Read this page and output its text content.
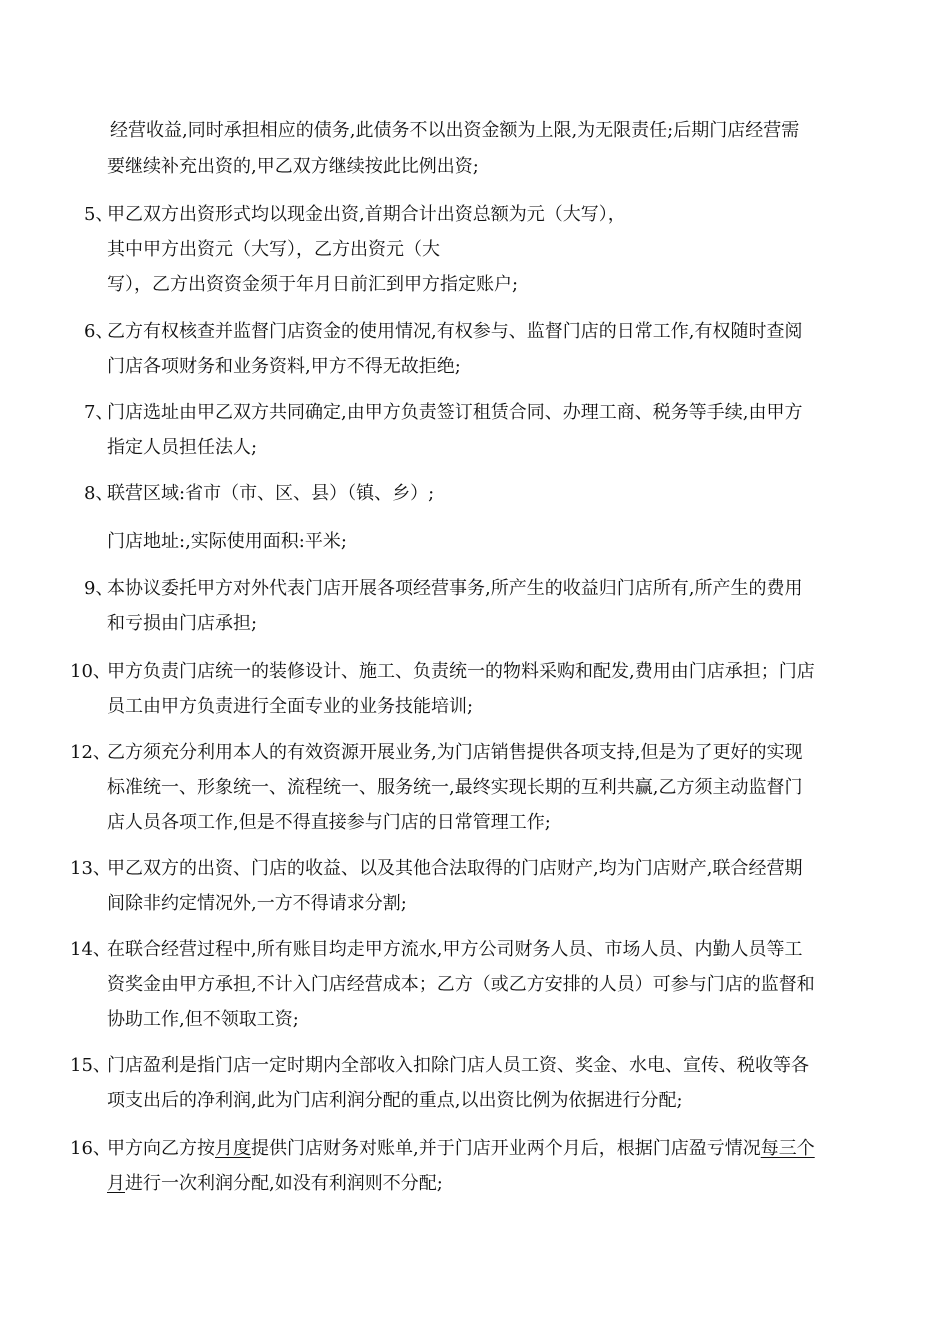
经营收益,同时承担相应的债务,此债务不以出资金额为上限,为无限责任;后期门店经营需
要继续补充出资的,甲乙双方继续按此比例出资;
5、
甲乙双方出资形式均以现金出资,首期合计出资总额为元（大写），
其中甲方出资元（大写），乙方出资元（大
写），乙方出资资金须于年月日前汇到甲方指定账户;
6、
乙方有权核查并监督门店资金的使用情况,有权参与、监督门店的日常工作,有权随时查阅
门店各项财务和业务资料,甲方不得无故拒绝;
7、
门店选址由甲乙双方共同确定,由甲方负责签订租赁合同、办理工商、税务等手续,由甲方
指定人员担任法人;
8、
联营区域:省市（市、区、县）（镇、乡）;
门店地址:,实际使用面积:平米;
9、
本协议委托甲方对外代表门店开展各项经营事务,所产生的收益归门店所有,所产生的费用
和亏损由门店承担;
10、
甲方负责门店统一的装修设计、施工、负责统一的物料采购和配发,费用由门店承担；门店
员工由甲方负责进行全面专业的业务技能培训;
12、
乙方须充分利用本人的有效资源开展业务,为门店销售提供各项支持,但是为了更好的实现
标准统一、形象统一、流程统一、服务统一,最终实现长期的互利共赢,乙方须主动监督门
店人员各项工作,但是不得直接参与门店的日常管理工作;
13、
甲乙双方的出资、门店的收益、以及其他合法取得的门店财产,均为门店财产,联合经营期
间除非约定情况外,一方不得请求分割;
14、
在联合经营过程中,所有账目均走甲方流水,甲方公司财务人员、市场人员、内勤人员等工
资奖金由甲方承担,不计入门店经营成本；乙方（或乙方安排的人员）可参与门店的监督和
协助工作,但不领取工资;
15、
门店盈利是指门店一定时期内全部收入扣除门店人员工资、奖金、水电、宣传、税收等各
项支出后的净利润,此为门店利润分配的重点,以出资比例为依据进行分配;
16、
甲方向乙方按月度提供门店财务对账单,并于门店开业两个月后，根据门店盈亏情况每三个
月进行一次利润分配,如没有利润则不分配;
